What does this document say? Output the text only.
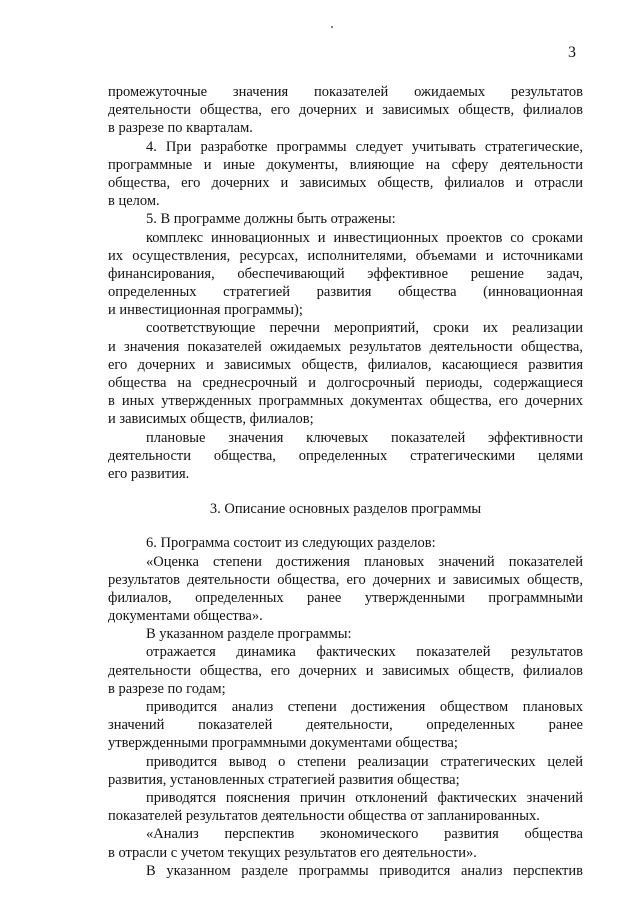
3
промежуточные значения показателей ожидаемых результатов
деятельности общества, его дочерних и зависимых обществ, филиалов
в разрезе по кварталам.
4. При разработке программы следует учитывать стратегические,
программные и иные документы, влияющие на сферу деятельности
общества, его дочерних и зависимых обществ, филиалов и отрасли
в целом.
5. В программе должны быть отражены:
комплекс инновационных и инвестиционных проектов со сроками
их осуществления, ресурсах, исполнителями, объемами и источниками
финансирования, обеспечивающий эффективное решение задач,
определенных стратегией развития общества (инновационная
и инвестиционная программы);
соответствующие перечни мероприятий, сроки их реализации
и значения показателей ожидаемых результатов деятельности общества,
его дочерних и зависимых обществ, филиалов, касающиеся развития
общества на среднесрочный и долгосрочный периоды, содержащиеся
в иных утвержденных программных документах общества, его дочерних
и зависимых обществ, филиалов;
плановые значения ключевых показателей эффективности
деятельности общества, определенных стратегическими целями
его развития.
3. Описание основных разделов программы
6. Программа состоит из следующих разделов:
«Оценка степени достижения плановых значений показателей
результатов деятельности общества, его дочерних и зависимых обществ,
филиалов, определенных ранее утвержденными программными
документами общества».
В указанном разделе программы:
отражается динамика фактических показателей результатов
деятельности общества, его дочерних и зависимых обществ, филиалов
в разрезе по годам;
приводится анализ степени достижения обществом плановых
значений показателей деятельности, определенных ранее
утвержденными программными документами общества;
приводится вывод о степени реализации стратегических целей
развития, установленных стратегией развития общества;
приводятся пояснения причин отклонений фактических значений
показателей результатов деятельности общества от запланированных.
«Анализ перспектив экономического развития общества
в отрасли с учетом текущих результатов его деятельности».
В указанном разделе программы приводится анализ перспектив
